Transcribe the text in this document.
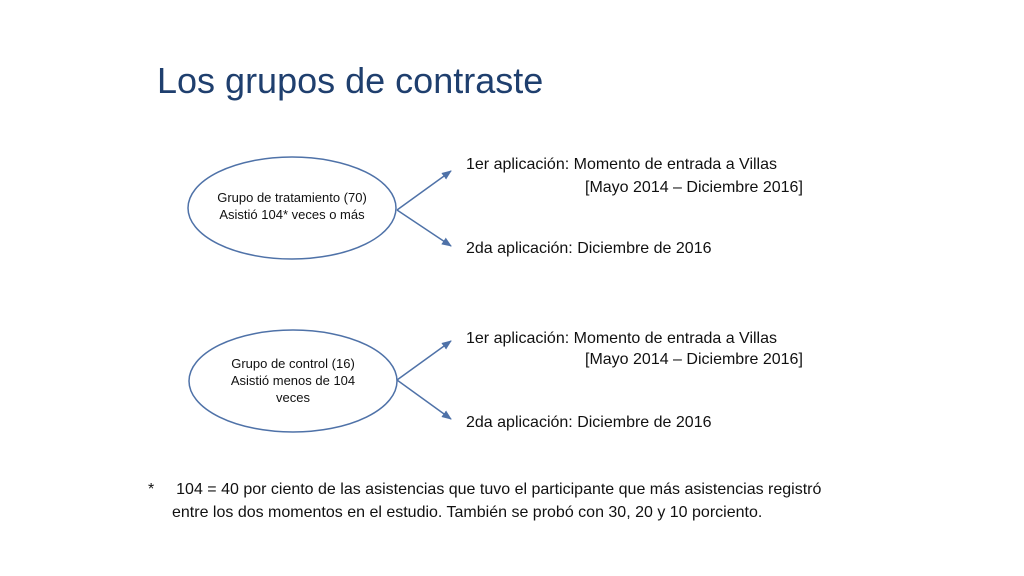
Los grupos de contraste
Grupo de tratamiento (70)
Asistió 104* veces o más
1er aplicación: Momento de entrada a Villas
[Mayo 2014 – Diciembre 2016]
2da aplicación: Diciembre de 2016
Grupo de control (16)
Asistió menos de 104
veces
1er aplicación: Momento de entrada a Villas
[Mayo 2014 – Diciembre 2016]
2da aplicación: Diciembre de 2016
* 104 = 40 por ciento de las asistencias que tuvo el participante que más asistencias registró
entre los dos momentos en el estudio. También se probó con 30, 20 y 10 porciento.
